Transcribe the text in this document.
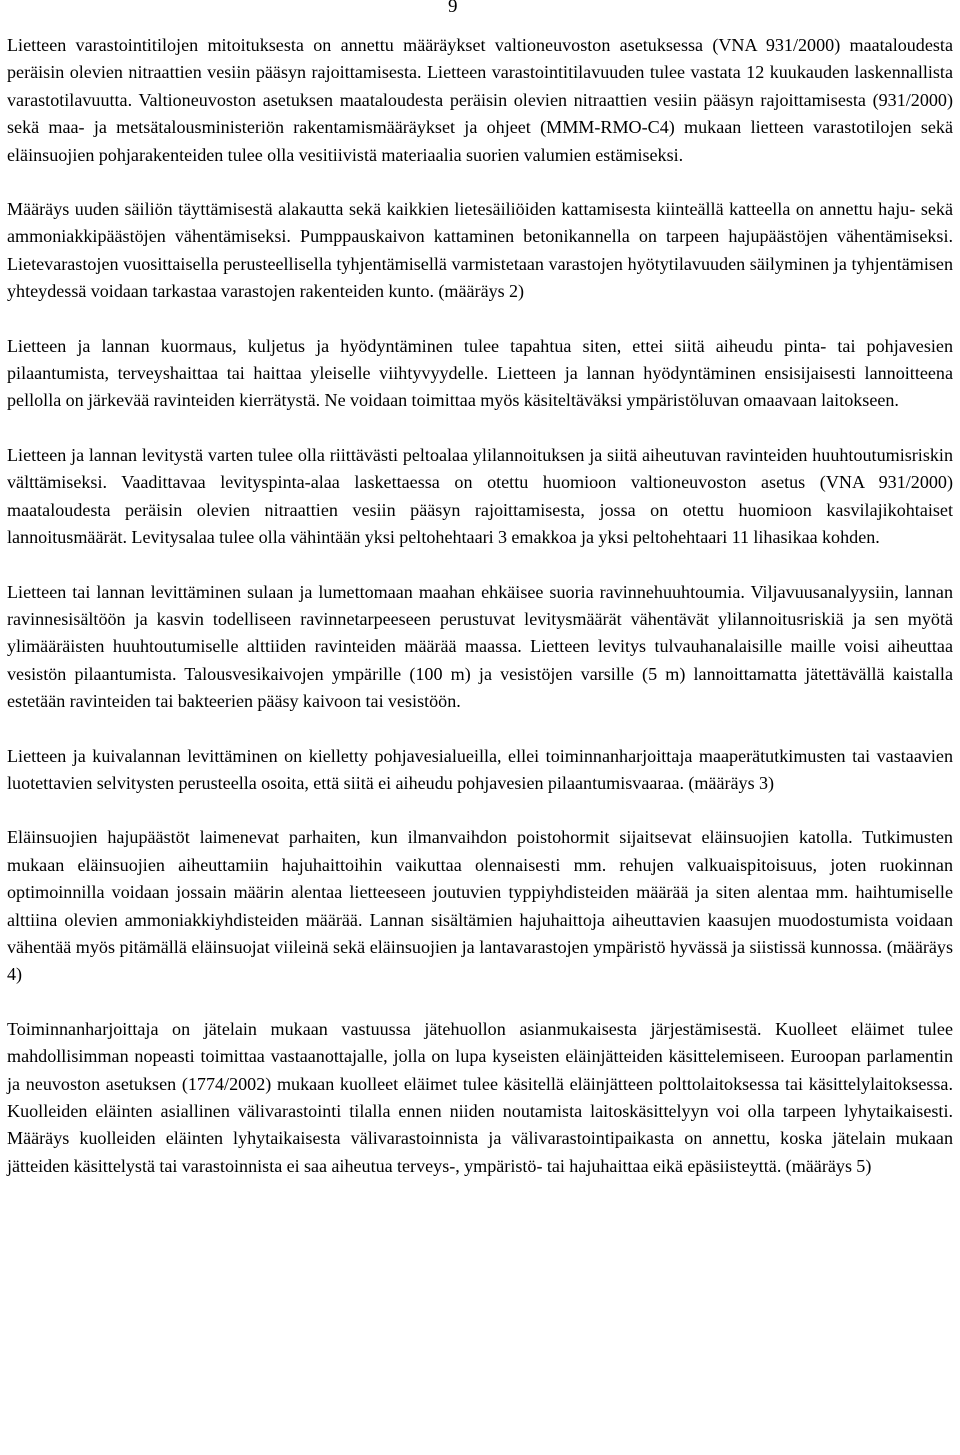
9

Lietteen varastointitilojen mitoituksesta on annettu määräykset valtioneuvoston asetuksessa (VNA 931/2000) maataloudesta peräisin olevien nitraattien vesiin pääsyn rajoittamisesta. Lietteen varastointitilavuuden tulee vastata 12 kuukauden laskennallista varastotilavuutta. Valtioneuvoston asetuksen maataloudesta peräisin olevien nitraattien vesiin pääsyn rajoittamisesta (931/2000) sekä maa- ja metsätalousministeriön rakentamismääräykset ja ohjeet (MMM-RMO-C4) mukaan lietteen varastotilojen sekä eläinsuojien pohjarakenteiden tulee olla vesitiivistä materiaalia suorien valumien estämiseksi.

Määräys uuden säiliön täyttämisestä alakautta sekä kaikkien lietesäiliöiden kattamisesta kiinteällä katteella on annettu haju- sekä ammoniakkipäästöjen vähentämiseksi. Pumppauskaivon kattaminen betonikannella on tarpeen hajupäästöjen vähentämiseksi. Lietevarastojen vuosittaisella perusteellisella tyhjentämisellä varmistetaan varastojen hyötytilavuuden säilyminen ja tyhjentämisen yhteydessä voidaan tarkastaa varastojen rakenteiden kunto. (määräys 2)

Lietteen ja lannan kuormaus, kuljetus ja hyödyntäminen tulee tapahtua siten, ettei siitä aiheudu pinta- tai pohjavesien pilaantumista, terveyshaittaa tai haittaa yleiselle viihtyvyydelle. Lietteen ja lannan hyödyntäminen ensisijaisesti lannoitteena pellolla on järkevää ravinteiden kierrätystä. Ne voidaan toimittaa myös käsiteltäväksi ympäristöluvan omaavaan laitokseen.

Lietteen ja lannan levitystä varten tulee olla riittävästi peltoalaa ylilannoituksen ja siitä aiheutuvan ravinteiden huuhtoutumisriskin välttämiseksi. Vaadittavaa levityspinta-alaa laskettaessa on otettu huomioon valtioneuvoston asetus (VNA 931/2000) maataloudesta peräisin olevien nitraattien vesiin pääsyn rajoittamisesta, jossa on otettu huomioon kasvilajikohtaiset lannoitusmäärät. Levitysalaa tulee olla vähintään yksi peltohehtaari 3 emakkoa ja yksi peltohehtaari 11 lihasikaa kohden.

Lietteen tai lannan levittäminen sulaan ja lumettomaan maahan ehkäisee suoria ravinnehuuhtoumia. Viljavuusanalyysiin, lannan ravinnesisältöön ja kasvin todelliseen ravinnetarpeeseen perustuvat levitysmäärät vähentävät ylilannoitusriskiä ja sen myötä ylimääräisten huuhtoutumiselle alttiiden ravinteiden määrää maassa. Lietteen levitys tulvauhanalaisille maille voisi aiheuttaa vesistön pilaantumista. Talousvesikaivojen ympärille (100 m) ja vesistöjen varsille (5 m) lannoittamatta jätettävällä kaistalla estetään ravinteiden tai bakteerien pääsy kaivoon tai vesistöön.

Lietteen ja kuivalannan levittäminen on kielletty pohjavesialueilla, ellei toiminnanharjoittaja maaperätutkimusten tai vastaavien luotettavien selvitysten perusteella osoita, että siitä ei aiheudu pohjavesien pilaantumisvaaraa. (määräys 3)

Eläinsuojien hajupäästöt laimenevat parhaiten, kun ilmanvaihdon poistohormit sijaitsevat eläinsuojien katolla. Tutkimusten mukaan eläinsuojien aiheuttamiin hajuhaittoihin vaikuttaa olennaisesti mm. rehujen valkuaispitoisuus, joten ruokinnan optimoinnilla voidaan jossain määrin alentaa lietteeseen joutuvien typpiyhdisteiden määrää ja siten alentaa mm. haihtumiselle alttiina olevien ammoniakkiyhdisteiden määrää. Lannan sisältämien hajuhaittoja aiheuttavien kaasujen muodostumista voidaan vähentää myös pitämällä eläinsuojat viileinä sekä eläinsuojien ja lantavarastojen ympäristö hyvässä ja siistissä kunnossa. (määräys 4)

Toiminnanharjoittaja on jätelain mukaan vastuussa jätehuollon asianmukaisesta järjestämisestä. Kuolleet eläimet tulee mahdollisimman nopeasti toimittaa vastaanottajalle, jolla on lupa kyseisten eläinjätteiden käsittelemiseen. Euroopan parlamentin ja neuvoston asetuksen (1774/2002) mukaan kuolleet eläimet tulee käsitellä eläinjätteen polttolaitoksessa tai käsittelylaitoksessa. Kuolleiden eläinten asiallinen välivarastointi tilalla ennen niiden noutamista laitoskäsittelyyn voi olla tarpeen lyhytaikaisesti. Määräys kuolleiden eläinten lyhytaikaisesta välivarastoinnista ja välivarastointipaikasta on annettu, koska jätelain mukaan jätteiden käsittelystä tai varastoinnista ei saa aiheutua terveys-, ympäristö- tai hajuhaittaa eikä epäsiisteyttä. (määräys 5)
